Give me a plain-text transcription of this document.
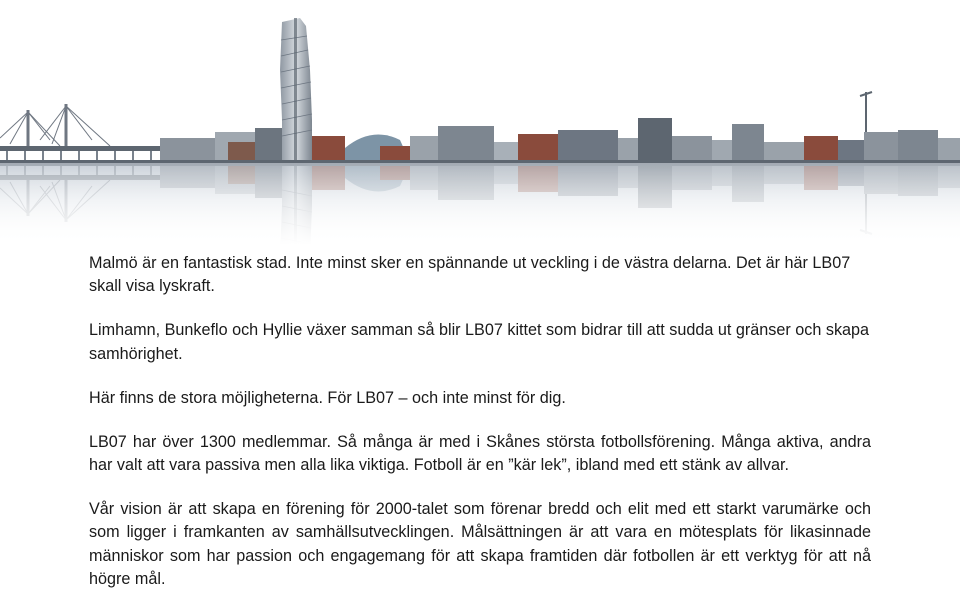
Malmö är en fantastisk stad. Inte minst sker en spännande ut veckling i de västra delarna. Det är här LB07 skall visa lyskraft.

Limhamn, Bunkeflo och Hyllie växer samman så blir LB07 kittet som bidrar till att sudda ut gränser och skapa samhörighet.

Här finns de stora möjligheterna. För LB07 – och inte minst för dig.

LB07 har över 1300 medlemmar. Så många är med i Skånes största fotbollsförening. Många aktiva, andra har valt att vara passiva men alla lika viktiga. Fotboll är en ”kär lek”, ibland med ett stänk av allvar.

Vår vision är att skapa en förening för 2000-talet som förenar bredd och elit med ett starkt varumärke och som ligger i framkanten av samhällsutvecklingen. Målsättningen är att vara en mötesplats för likasinnade människor som har passion och engagemang för att skapa framtiden där fotbollen är ett verktyg för att nå högre mål.
